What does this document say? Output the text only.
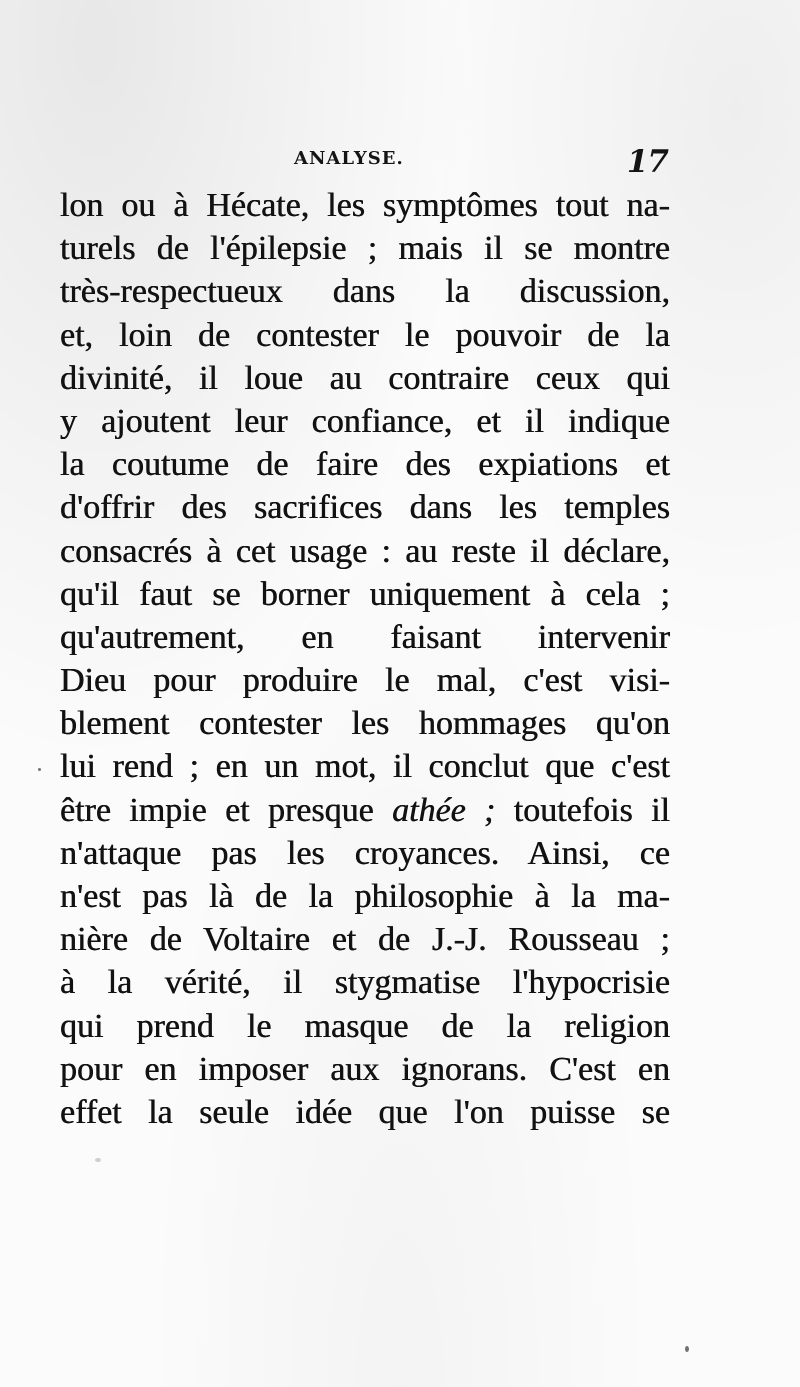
ANALYSE.	17
lon ou à Hécate, les symptômes tout na-
turels de l'épilepsie ; mais il se montre
très-respectueux dans la discussion,
et, loin de contester le pouvoir de la
divinité, il loue au contraire ceux qui
y ajoutent leur confiance, et il indique
la coutume de faire des expiations et
d'offrir des sacrifices dans les temples
consacrés à cet usage : au reste il déclare,
qu'il faut se borner uniquement à cela ;
qu'autrement, en faisant intervenir
Dieu pour produire le mal, c'est visi-
blement contester les hommages qu'on
lui rend ; en un mot, il conclut que c'est
être impie et presque athée ; toutefois il
n'attaque pas les croyances. Ainsi, ce
n'est pas là de la philosophie à la ma-
nière de Voltaire et de J.-J. Rousseau ;
à la vérité, il stygmatise l'hypocrisie
qui prend le masque de la religion
pour en imposer aux ignorans. C'est en
effet la seule idée que l'on puisse se
